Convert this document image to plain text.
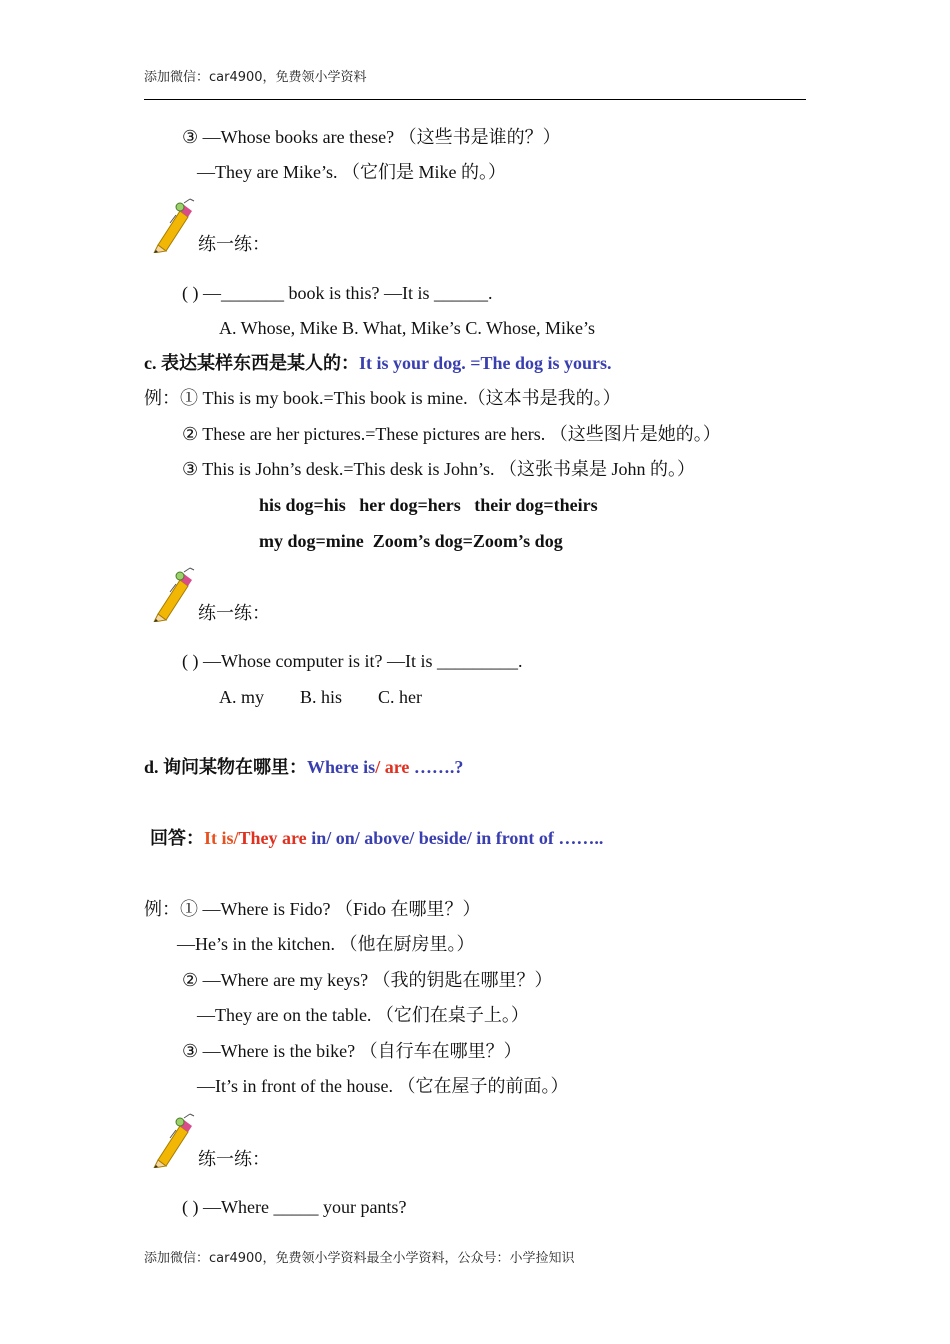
添加微信：car4900，免费领小学资料
③ —Whose books are these? （这些书是谁的？）
—They are Mike’s. （它们是 Mike 的。）
练一练：
( ) —_______ book is this? —It is ______.
A. Whose, Mike B. What, Mike’s C. Whose, Mike’s
c. 表达某样东西是某人的：It is your dog. =The dog is yours.
例：① This is my book.=This book is mine.（这本书是我的。）
② These are her pictures.=These pictures are hers. （这些图片是她的。）
③ This is John’s desk.=This desk is John’s. （这张书桌是 John 的。）
his dog=his   her dog=hers   their dog=theirs
my dog=mine  Zoom’s dog=Zoom’s dog
练一练：
( ) —Whose computer is it? —It is _________.
A. my        B. his        C. her
d. 询问某物在哪里：Where is/ are …….?
回答：It is/They are in/ on/ above/ beside/ in front of ……..
例：① —Where is Fido? （Fido 在哪里？）
—He’s in the kitchen. （他在厨房里。）
② —Where are my keys? （我的钥匙在哪里？）
—They are on the table. （它们在桌子上。）
③ —Where is the bike? （自行车在哪里？）
—It’s in front of the house. （它在屋子的前面。）
练一练：
( ) —Where _____ your pants?
添加微信：car4900，免费领小学资料最全小学资料，公众号：小学捡知识
